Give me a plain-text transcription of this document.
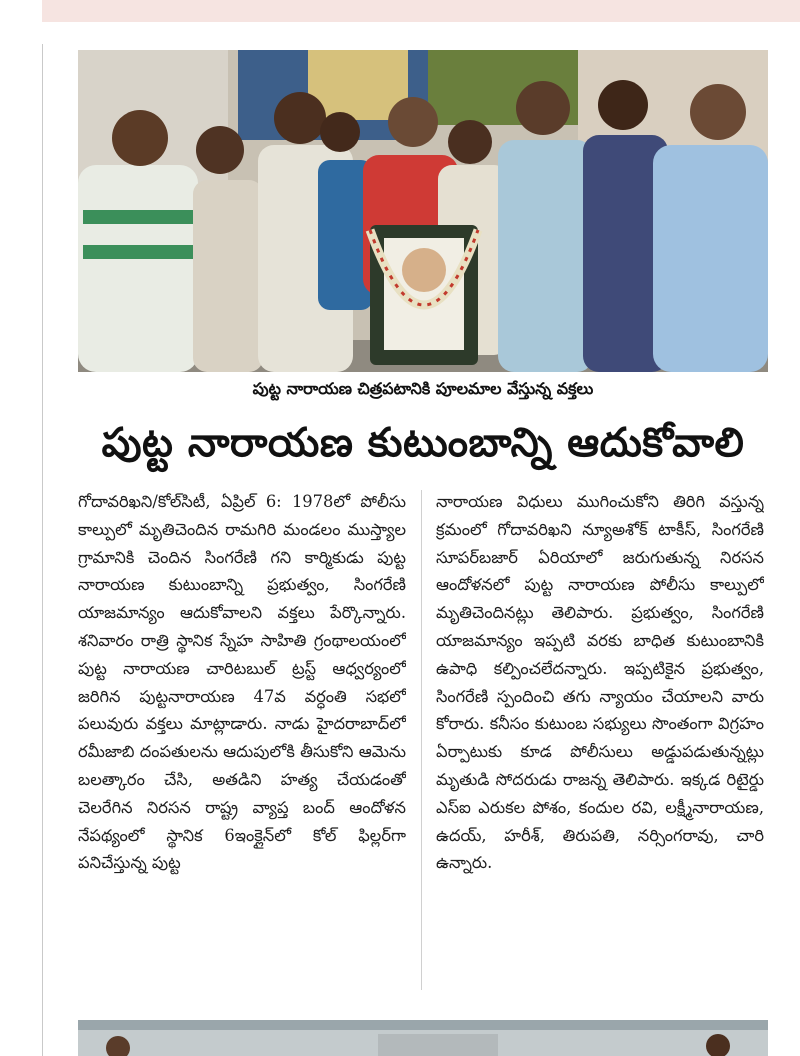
పుట్ట నారాయణ చిత్రపటానికి పూలమాల వేస్తున్న వక్తలు
పుట్ట నారాయణ కుటుంబాన్ని ఆదుకోవాలి
గోదావరిఖని/కోల్‌సిటీ, ఏప్రిల్ 6: 1978లో పోలీసు కాల్పులో మృతిచెందిన రామగిరి మండలం ముస్త్యాల గ్రామానికి చెందిన సింగరేణి గని కార్మికుడు పుట్ట నారాయణ కుటుంబాన్ని ప్రభుత్వం, సింగరేణి యాజమాన్యం ఆదుకోవాలని వక్తలు పేర్కొన్నారు. శనివారం రాత్రి స్థానిక స్నేహ సాహితి గ్రంథాలయంలో పుట్ట నారాయణ చారిటబుల్ ట్రస్ట్ ఆధ్వర్యంలో జరిగిన పుట్టనారాయణ 47వ వర్ధంతి సభలో పలువురు వక్తలు మాట్లాడారు. నాడు హైదరాబాద్‌లో రమీజాబి దంపతులను ఆదుపులోకి తీసుకోని ఆమెను బలత్కారం చేసి, అతడిని హత్య చేయడంతో చెలరేగిన నిరసన రాష్ట్ర వ్యాప్త బంద్ ఆందోళన నేపథ్యంలో స్థానిక 6ఇంక్లైన్‌లో కోల్ ఫిల్లర్‌గా పనిచేస్తున్న పుట్ట
నారాయణ విధులు ముగించుకోని తిరిగి వస్తున్న క్రమంలో గోదావరిఖని న్యూఅశోక్ టాకీస్, సింగరేణి సూపర్‌బజార్ ఏరియాలో జరుగుతున్న నిరసన ఆందోళనలో పుట్ట నారాయణ పోలీసు కాల్పులో మృతిచెందినట్లు తెలిపారు. ప్రభుత్వం, సింగరేణి యాజమాన్యం ఇప్పటి వరకు బాధిత కుటుంబానికి ఉపాధి కల్పించలేదన్నారు. ఇప్పటికైన ప్రభుత్వం, సింగరేణి స్పందించి తగు న్యాయం చేయాలని వారు కోరారు. కనీసం కుటుంబ సభ్యులు సొంతంగా విగ్రహం ఏర్పాటుకు కూడ పోలీసులు అడ్డుపడుతున్నట్లు మృతుడి సోదరుడు రాజన్న తెలిపారు. ఇక్కడ రిటైర్డు ఎస్ఐ ఎరుకల పోశం, కందుల రవి, లక్ష్మీనారాయణ, ఉదయ్, హరీశ్, తిరుపతి, నర్సింగరావు, చారి ఉన్నారు.
